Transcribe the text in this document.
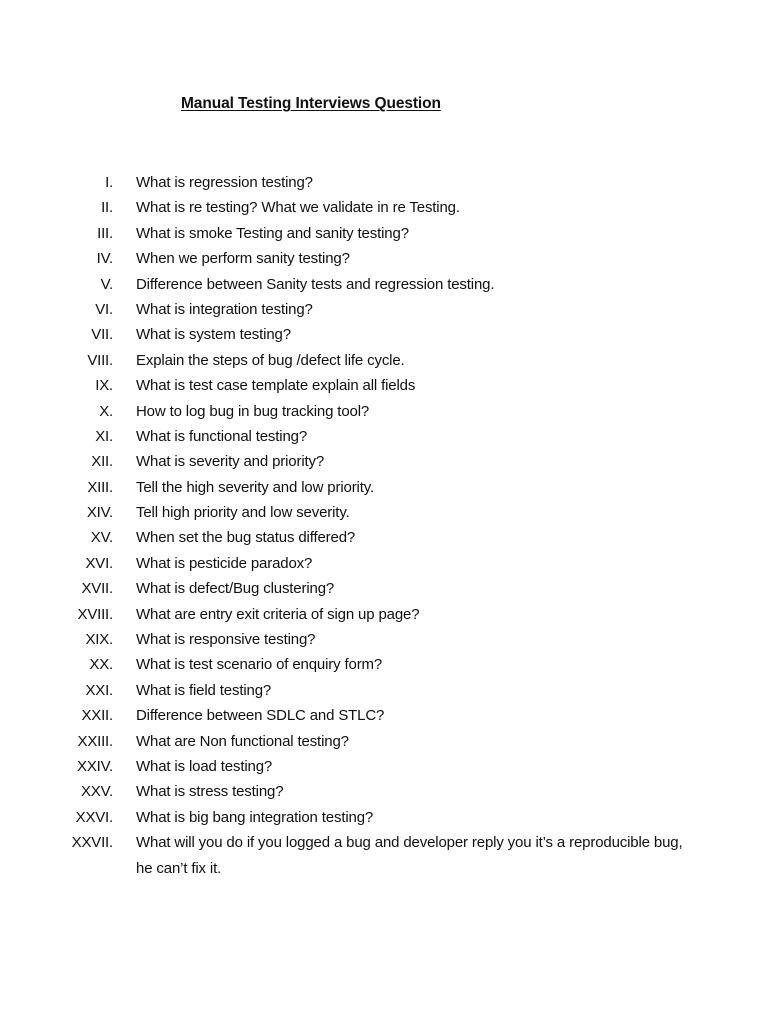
Manual Testing Interviews Question
I. What is regression testing?
II. What is re testing? What we validate in re Testing.
III. What is smoke Testing and sanity testing?
IV. When we perform sanity testing?
V. Difference between Sanity tests and regression testing.
VI. What is integration testing?
VII. What is system testing?
VIII. Explain the steps of bug /defect life cycle.
IX. What is test case template explain all fields
X. How to log bug in bug tracking tool?
XI. What is functional testing?
XII. What is severity and priority?
XIII. Tell the high severity and low priority.
XIV. Tell high priority and low severity.
XV. When set the bug status differed?
XVI. What is pesticide paradox?
XVII. What is defect/Bug clustering?
XVIII. What are entry exit criteria of sign up page?
XIX. What is responsive testing?
XX. What is test scenario of enquiry form?
XXI. What is field testing?
XXII. Difference between SDLC and STLC?
XXIII. What are Non functional testing?
XXIV. What is load testing?
XXV. What is stress testing?
XXVI. What is big bang integration testing?
XXVII. What will you do if you logged a bug and developer reply you it’s a reproducible bug, he can’t fix it.
